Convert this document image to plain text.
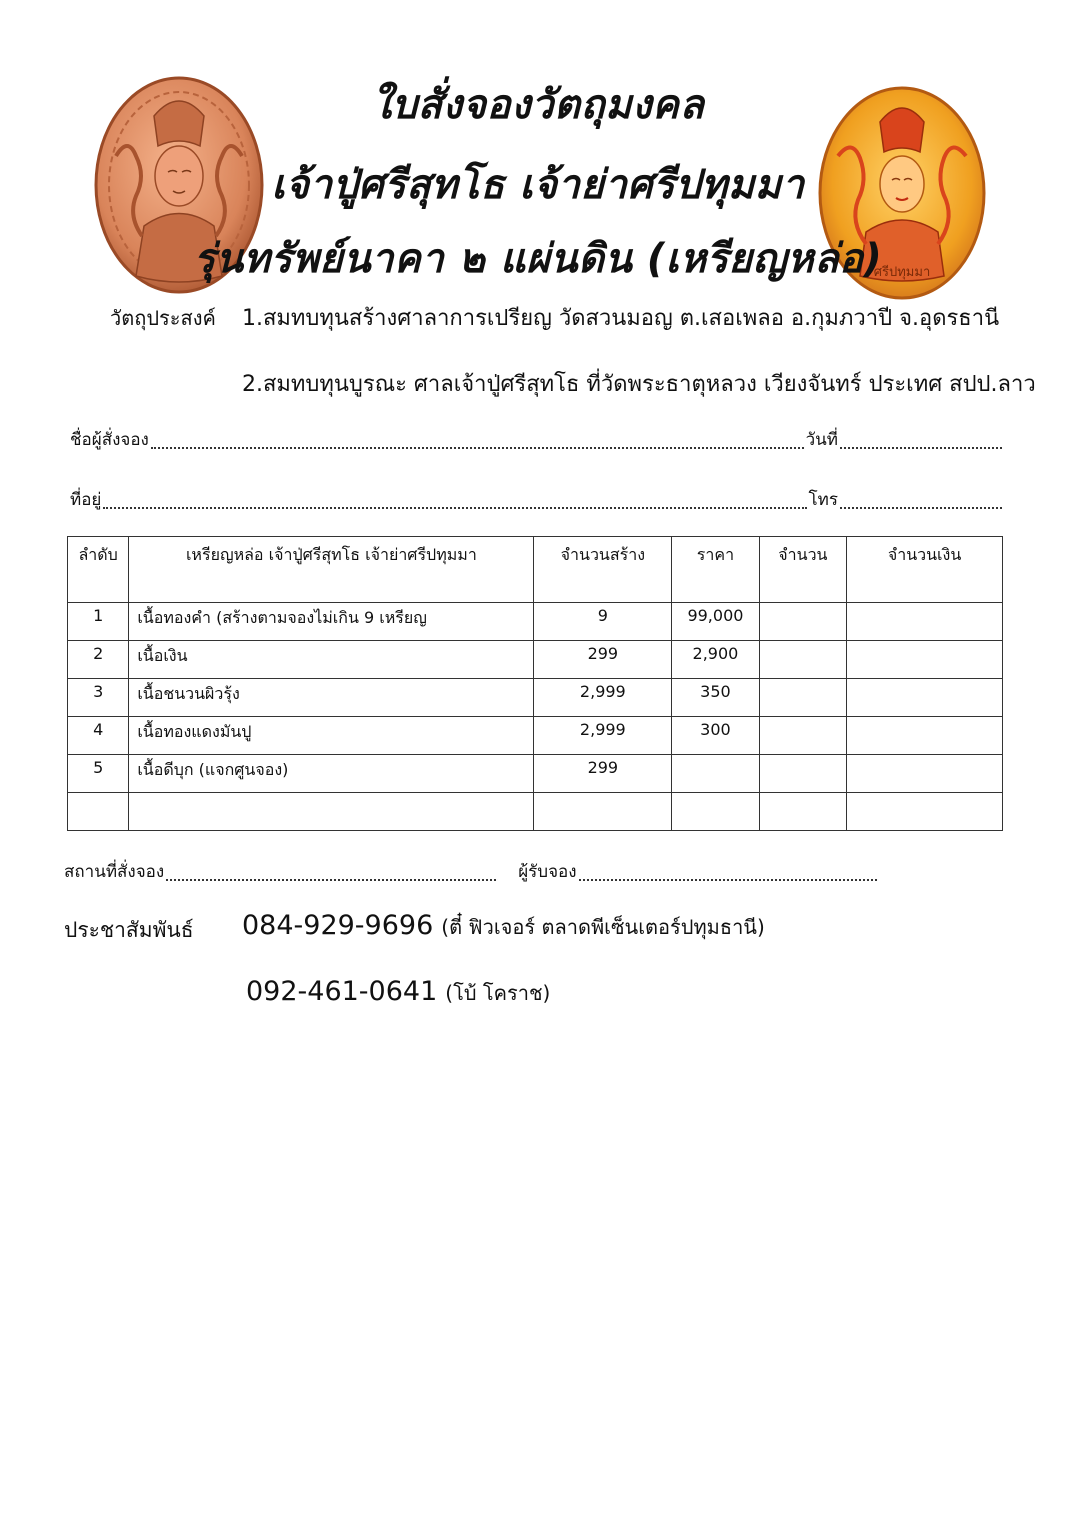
ศรีปทุมมา
ใบสั่งจองวัตถุมงคล
เจ้าปู่ศรีสุทโธ เจ้าย่าศรีปทุมมา
รุ่นทรัพย์นาคา ๒ แผ่นดิน (เหรียญหล่อ)
วัตถุประสงค์ 1.สมทบทุนสร้างศาลาการเปรียญ วัดสวนมอญ ต.เสอเพลอ อ.กุมภวาปี จ.อุดรธานี
2.สมทบทุนบูรณะ ศาลเจ้าปู่ศรีสุทโธ ที่วัดพระธาตุหลวง เวียงจันทร์ ประเทศ สปป.ลาว
ชื่อผู้สั่งจอง	วันที่
ที่อยู่	โทร
ลำดับ	เหรียญหล่อ เจ้าปู่ศรีสุทโธ เจ้าย่าศรีปทุมมา	จำนวนสร้าง	ราคา	จำนวน	จำนวนเงิน
1	เนื้อทองคำ (สร้างตามจองไม่เกิน 9 เหรียญ	9	99,000		
2	เนื้อเงิน	299	2,900		
3	เนื้อชนวนผิวรุ้ง	2,999	350		
4	เนื้อทองแดงมันปู	2,999	300		
5	เนื้อดีบุก (แจกศูนจอง)	299			

สถานที่สั่งจอง	ผู้รับจอง
ประชาสัมพันธ์ 084-929-9696 (ตี๋ ฟิวเจอร์ ตลาดพีเซ็นเตอร์ปทุมธานี)
092-461-0641 (โบ้ โคราช)
